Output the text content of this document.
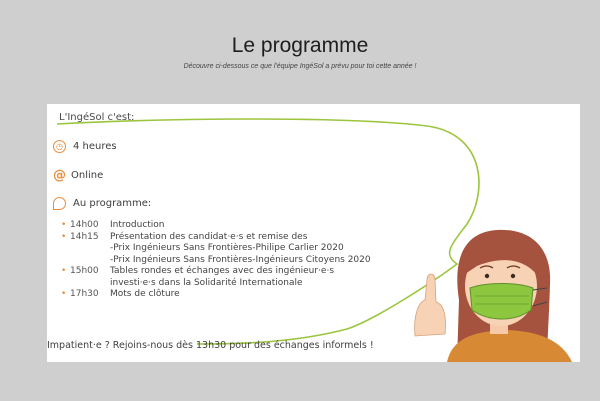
Le programme
Découvre ci-dessous ce que l'équipe IngéSol a prévu pour toi cette année !
L'IngéSol c'est:
◷	4 heures
@ Online
Au programme:
• 14h00	Introduction
• 14h15	Présentation des candidat·e·s et remise des
-Prix Ingénieurs Sans Frontières-Philipe Carlier 2020
-Prix Ingénieurs Sans Frontières-Ingénieurs Citoyens 2020
• 15h00	Tables rondes et échanges avec des ingénieur·e·s
investi·e·s dans la Solidarité Internationale
• 17h30	Mots de clôture
Impatient·e ? Rejoins-nous dès 13h30 pour des échanges informels !
